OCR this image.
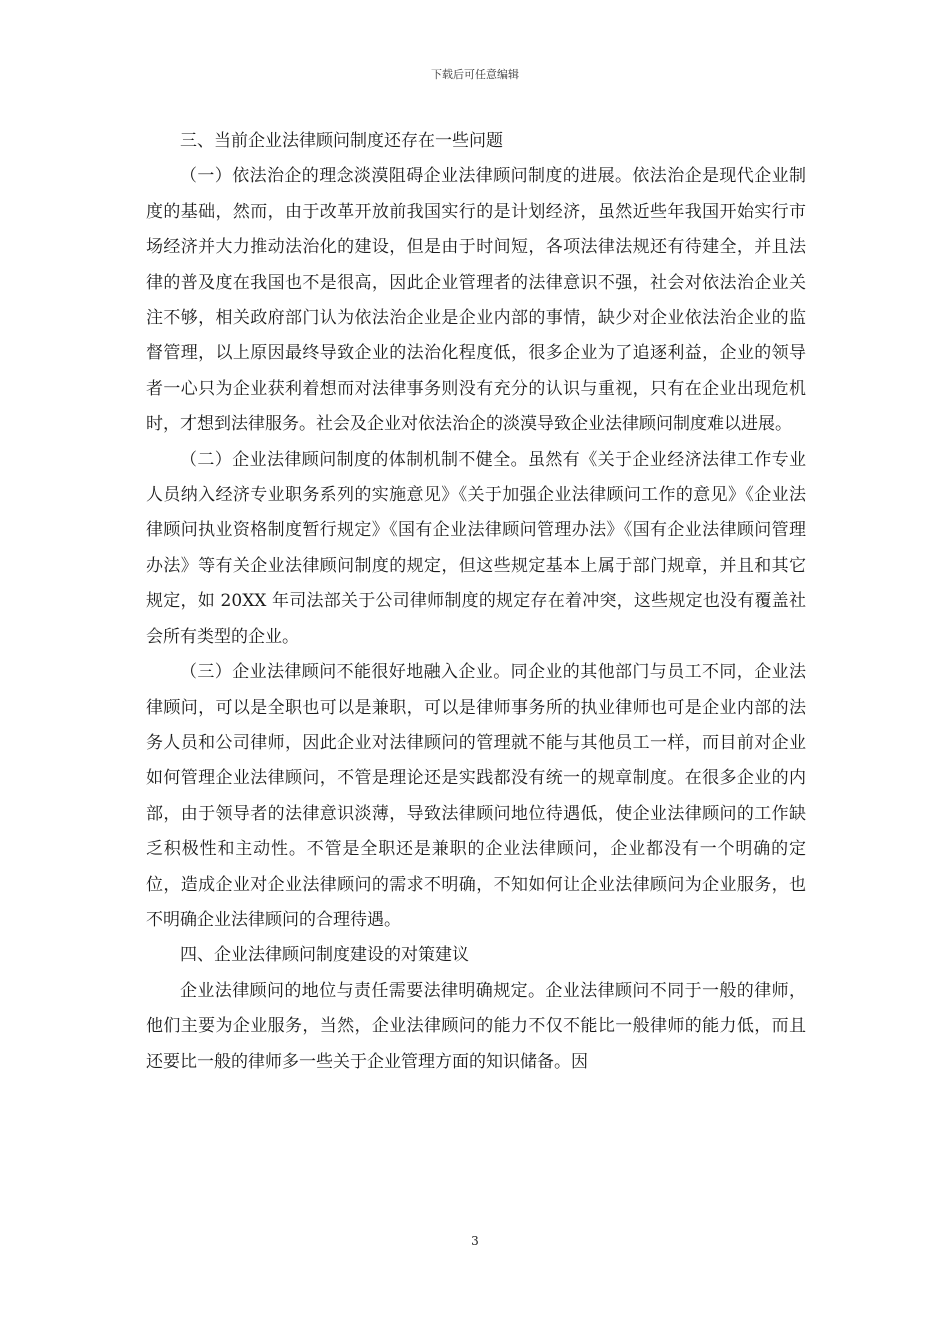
下载后可任意编辑

三、当前企业法律顾问制度还存在一些问题

（一）依法治企的理念淡漠阻碍企业法律顾问制度的进展。依法治企是现代企业制度的基础，然而，由于改革开放前我国实行的是计划经济，虽然近些年我国开始实行市场经济并大力推动法治化的建设，但是由于时间短，各项法律法规还有待建全，并且法律的普及度在我国也不是很高，因此企业管理者的法律意识不强，社会对依法治企业关注不够，相关政府部门认为依法治企业是企业内部的事情，缺少对企业依法治企业的监督管理，以上原因最终导致企业的法治化程度低，很多企业为了追逐利益，企业的领导者一心只为企业获利着想而对法律事务则没有充分的认识与重视，只有在企业出现危机时，才想到法律服务。社会及企业对依法治企的淡漠导致企业法律顾问制度难以进展。

（二）企业法律顾问制度的体制机制不健全。虽然有《关于企业经济法律工作专业人员纳入经济专业职务系列的实施意见》《关于加强企业法律顾问工作的意见》《企业法律顾问执业资格制度暂行规定》《国有企业法律顾问管理办法》《国有企业法律顾问管理办法》等有关企业法律顾问制度的规定，但这些规定基本上属于部门规章，并且和其它规定，如 20XX 年司法部关于公司律师制度的规定存在着冲突，这些规定也没有覆盖社会所有类型的企业。

（三）企业法律顾问不能很好地融入企业。同企业的其他部门与员工不同，企业法律顾问，可以是全职也可以是兼职，可以是律师事务所的执业律师也可是企业内部的法务人员和公司律师，因此企业对法律顾问的管理就不能与其他员工一样，而目前对企业如何管理企业法律顾问，不管是理论还是实践都没有统一的规章制度。在很多企业的内部，由于领导者的法律意识淡薄，导致法律顾问地位待遇低，使企业法律顾问的工作缺乏积极性和主动性。不管是全职还是兼职的企业法律顾问，企业都没有一个明确的定位，造成企业对企业法律顾问的需求不明确，不知如何让企业法律顾问为企业服务，也不明确企业法律顾问的合理待遇。

四、企业法律顾问制度建设的对策建议

企业法律顾问的地位与责任需要法律明确规定。企业法律顾问不同于一般的律师，他们主要为企业服务，当然，企业法律顾问的能力不仅不能比一般律师的能力低，而且还要比一般的律师多一些关于企业管理方面的知识储备。因

3
